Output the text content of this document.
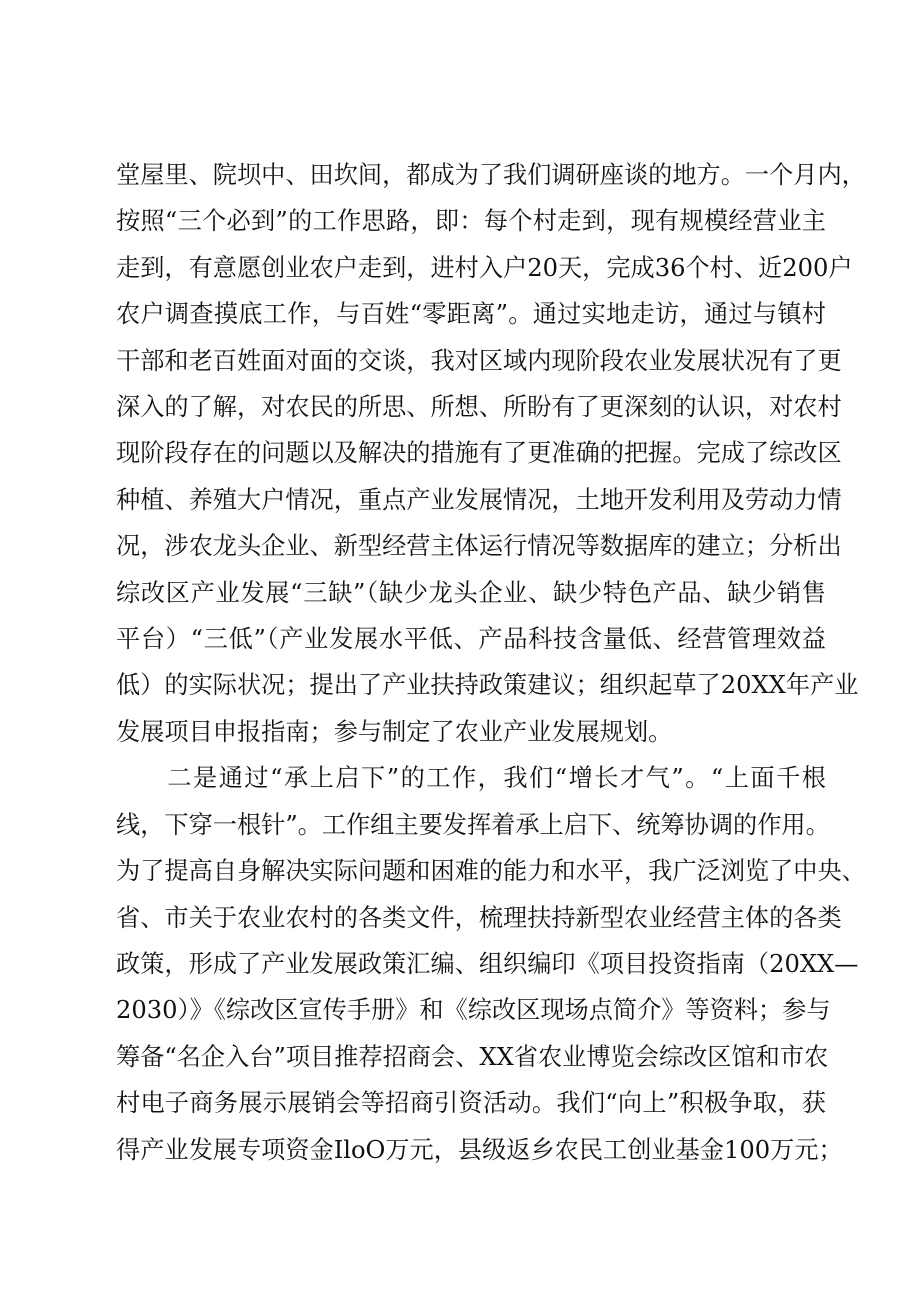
堂屋里、院坝中、田坎间，都成为了我们调研座谈的地方。一个月内，
按照“三个必到”的工作思路，即：每个村走到，现有规模经营业主
走到，有意愿创业农户走到，进村入户20天，完成36个村、近200户
农户调查摸底工作，与百姓“零距离”。通过实地走访，通过与镇村
干部和老百姓面对面的交谈，我对区域内现阶段农业发展状况有了更
深入的了解，对农民的所思、所想、所盼有了更深刻的认识，对农村
现阶段存在的问题以及解决的措施有了更准确的把握。完成了综改区
种植、养殖大户情况，重点产业发展情况，土地开发利用及劳动力情
况，涉农龙头企业、新型经营主体运行情况等数据库的建立；分析出
综改区产业发展“三缺”（缺少龙头企业、缺少特色产品、缺少销售
平台）“三低”（产业发展水平低、产品科技含量低、经营管理效益
低）的实际状况；提出了产业扶持政策建议；组织起草了20XX年产业
发展项目申报指南；参与制定了农业产业发展规划。
　　二是通过“承上启下”的工作，我们“增长才气”。“上面千根
线，下穿一根针”。工作组主要发挥着承上启下、统筹协调的作用。
为了提高自身解决实际问题和困难的能力和水平，我广泛浏览了中央、
省、市关于农业农村的各类文件，梳理扶持新型农业经营主体的各类
政策，形成了产业发展政策汇编、组织编印《项目投资指南（20XX—
2030）》《综改区宣传手册》和《综改区现场点简介》等资料；参与
筹备“名企入台”项目推荐招商会、XX省农业博览会综改区馆和市农
村电子商务展示展销会等招商引资活动。我们“向上”积极争取，获
得产业发展专项资金IloO万元，县级返乡农民工创业基金100万元；
